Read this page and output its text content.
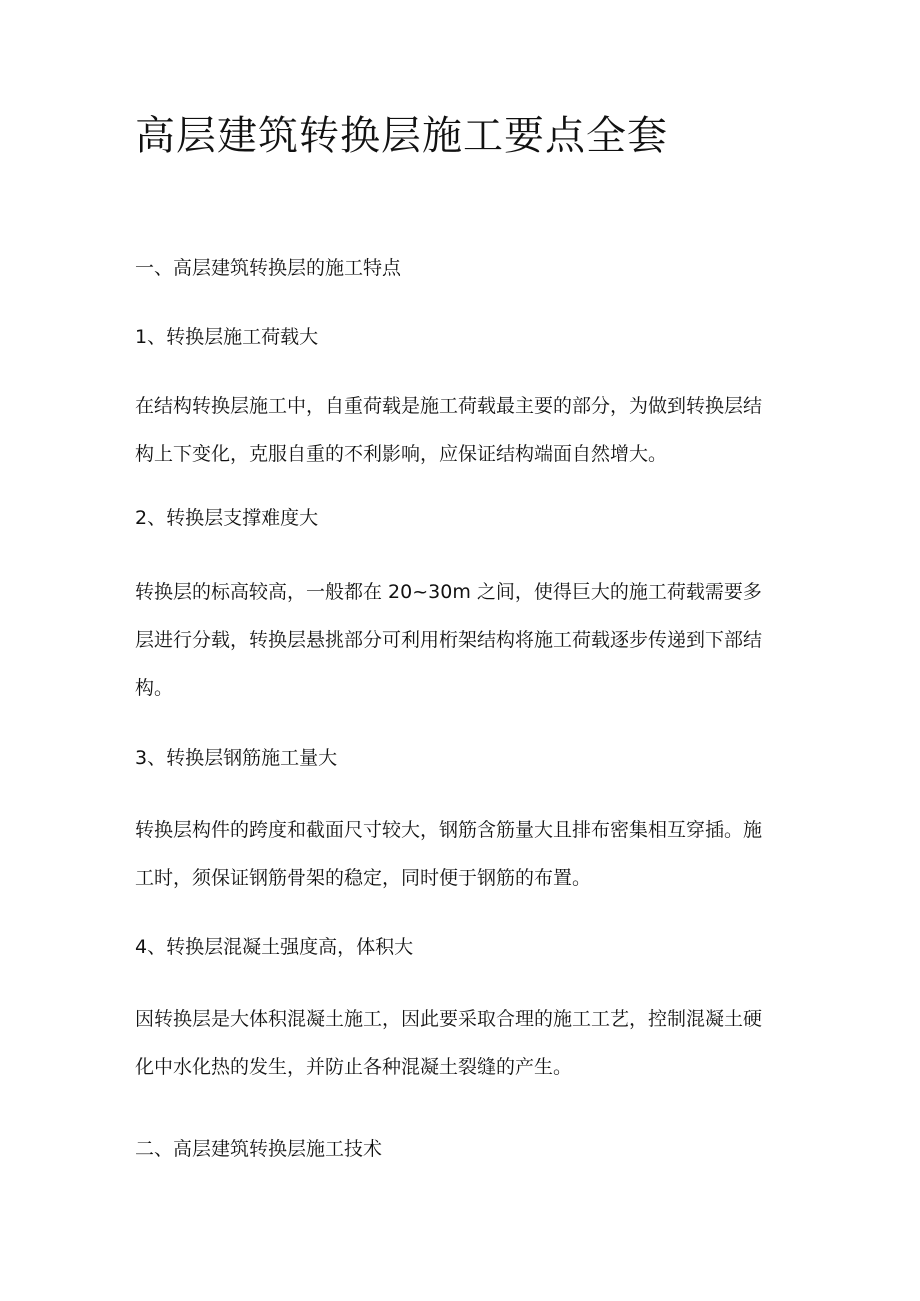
高层建筑转换层施工要点全套
一、高层建筑转换层的施工特点
1、转换层施工荷载大
在结构转换层施工中，自重荷载是施工荷载最主要的部分，为做到转换层结
构上下变化，克服自重的不利影响，应保证结构端面自然增大。
2、转换层支撑难度大
转换层的标高较高，一般都在 20~30m 之间，使得巨大的施工荷载需要多
层进行分载，转换层悬挑部分可利用桁架结构将施工荷载逐步传递到下部结
构。
3、转换层钢筋施工量大
转换层构件的跨度和截面尺寸较大，钢筋含筋量大且排布密集相互穿插。施
工时，须保证钢筋骨架的稳定，同时便于钢筋的布置。
4、转换层混凝土强度高，体积大
因转换层是大体积混凝土施工，因此要采取合理的施工工艺，控制混凝土硬
化中水化热的发生，并防止各种混凝土裂缝的产生。
二、高层建筑转换层施工技术
